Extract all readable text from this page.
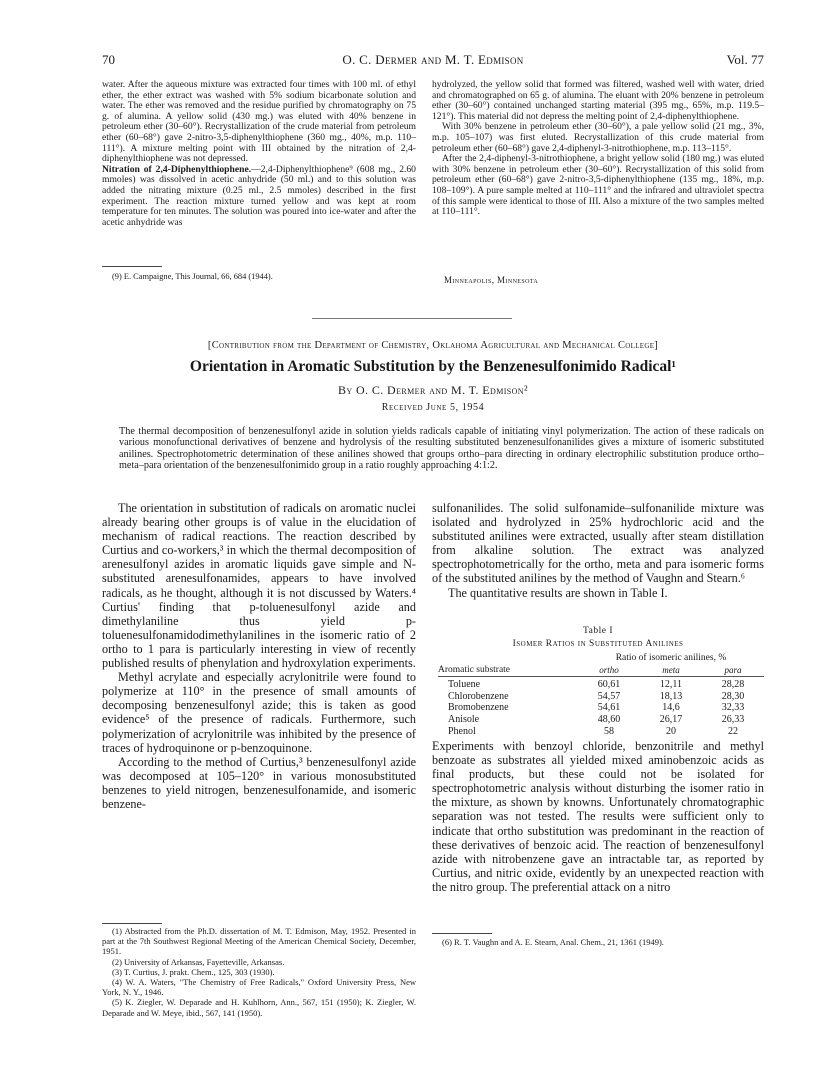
70	O. C. Dermer and M. T. Edmison	Vol. 77

water. After the aqueous mixture was extracted four times with 100 ml. of ethyl ether, the ether extract was washed with 5% sodium bicarbonate solution and water. The ether was removed and the residue purified by chromatography on 75 g. of alumina. A yellow solid (430 mg.) was eluted with 40% benzene in petroleum ether (30–60°). Recrystallization of the crude material from petroleum ether (60–68°) gave 2-nitro-3,5-diphenylthiophene (360 mg., 40%, m.p. 110–111°). A mixture melting point with III obtained by the nitration of 2,4-diphenylthiophene was not depressed.

Nitration of 2,4-Diphenylthiophene.—2,4-Diphenylthiophene⁹ (608 mg., 2.60 mmoles) was dissolved in acetic anhydride (50 ml.) and to this solution was added the nitrating mixture (0.25 ml., 2.5 mmoles) described in the first experiment. The reaction mixture turned yellow and was kept at room temperature for ten minutes. The solution was poured into ice-water and after the acetic anhydride was

(9) E. Campaigne, This Journal, 66, 684 (1944).

hydrolyzed, the yellow solid that formed was filtered, washed well with water, dried and chromatographed on 65 g. of alumina. The eluant with 20% benzene in petroleum ether (30–60°) contained unchanged starting material (395 mg., 65%, m.p. 119.5–121°). This material did not depress the melting point of 2,4-diphenylthiophene.

With 30% benzene in petroleum ether (30–60°), a pale yellow solid (21 mg., 3%, m.p. 105–107) was first eluted. Recrystallization of this crude material from petroleum ether (60–68°) gave 2,4-diphenyl-3-nitrothiophene, m.p. 113–115°.

After the 2,4-diphenyl-3-nitrothiophene, a bright yellow solid (180 mg.) was eluted with 30% benzene in petroleum ether (30–60°). Recrystallization of this solid from petroleum ether (60–68°) gave 2-nitro-3,5-diphenylthiophene (135 mg., 18%, m.p. 108–109°). A pure sample melted at 110–111° and the infrared and ultraviolet spectra of this sample were identical to those of III. Also a mixture of the two samples melted at 110–111°.

Minneapolis, Minnesota
[Contribution from the Department of Chemistry, Oklahoma Agricultural and Mechanical College]
Orientation in Aromatic Substitution by the Benzenesulfonimido Radical¹
By O. C. Dermer and M. T. Edmison²
Received June 5, 1954
The thermal decomposition of benzenesulfonyl azide in solution yields radicals capable of initiating vinyl polymerization. The action of these radicals on various monofunctional derivatives of benzene and hydrolysis of the resulting substituted benzenesulfonanilides gives a mixture of isomeric substituted anilines. Spectrophotometric determination of these anilines showed that groups ortho–para directing in ordinary electrophilic substitution produce ortho–meta–para orientation of the benzenesulfonimido group in a ratio roughly approaching 4:1:2.

The orientation in substitution of radicals on aromatic nuclei already bearing other groups is of value in the elucidation of mechanism of radical reactions. The reaction described by Curtius and co-workers,³ in which the thermal decomposition of arenesulfonyl azides in aromatic liquids gave simple and N-substituted arenesulfonamides, appears to have involved radicals, as he thought, although it is not discussed by Waters.⁴ Curtius' finding that p-toluenesulfonyl azide and dimethylaniline thus yield p-toluenesulfonamidodimethylanilines in the isomeric ratio of 2 ortho to 1 para is particularly interesting in view of recently published results of phenylation and hydroxylation experiments.

Methyl acrylate and especially acrylonitrile were found to polymerize at 110° in the presence of small amounts of decomposing benzenesulfonyl azide; this is taken as good evidence⁵ of the presence of radicals. Furthermore, such polymerization of acrylonitrile was inhibited by the presence of traces of hydroquinone or p-benzoquinone.

According to the method of Curtius,³ benzenesulfonyl azide was decomposed at 105–120° in various monosubstituted benzenes to yield nitrogen, benzenesulfonamide, and isomeric benzene-

(1) Abstracted from the Ph.D. dissertation of M. T. Edmison, May, 1952. Presented in part at the 7th Southwest Regional Meeting of the American Chemical Society, December, 1951.

(2) University of Arkansas, Fayetteville, Arkansas.

(3) T. Curtius, J. prakt. Chem., 125, 303 (1930).

(4) W. A. Waters, "The Chemistry of Free Radicals," Oxford University Press, New York, N. Y., 1946.

(5) K. Ziegler, W. Deparade and H. Kuhlhorn, Ann., 567, 151 (1950); K. Ziegler, W. Deparade and W. Meye, ibid., 567, 141 (1950).

sulfonanilides. The solid sulfonamide–sulfonanilide mixture was isolated and hydrolyzed in 25% hydrochloric acid and the substituted anilines were extracted, usually after steam distillation from alkaline solution. The extract was analyzed spectrophotometrically for the ortho, meta and para isomeric forms of the substituted anilines by the method of Vaughn and Stearn.⁶

The quantitative results are shown in Table I.

Table I
Isomer Ratios in Substituted Anilines
	Ratio of isomeric anilines, %		
Aromatic substrate	ortho	meta	para

Toluene	60,61	12,11	28,28
Chlorobenzene	54,57	18,13	28,30
Bromobenzene	54,61	14,6	32,33
Anisole	48,60	26,17	26,33
Phenol	58	20	22

Experiments with benzoyl chloride, benzonitrile and methyl benzoate as substrates all yielded mixed aminobenzoic acids as final products, but these could not be isolated for spectrophotometric analysis without disturbing the isomer ratio in the mixture, as shown by knowns. Unfortunately chromatographic separation was not tested. The results were sufficient only to indicate that ortho substitution was predominant in the reaction of these derivatives of benzoic acid. The reaction of benzenesulfonyl azide with nitrobenzene gave an intractable tar, as reported by Curtius, and nitric oxide, evidently by an unexpected reaction with the nitro group. The preferential attack on a nitro

(6) R. T. Vaughn and A. E. Stearn, Anal. Chem., 21, 1361 (1949).
